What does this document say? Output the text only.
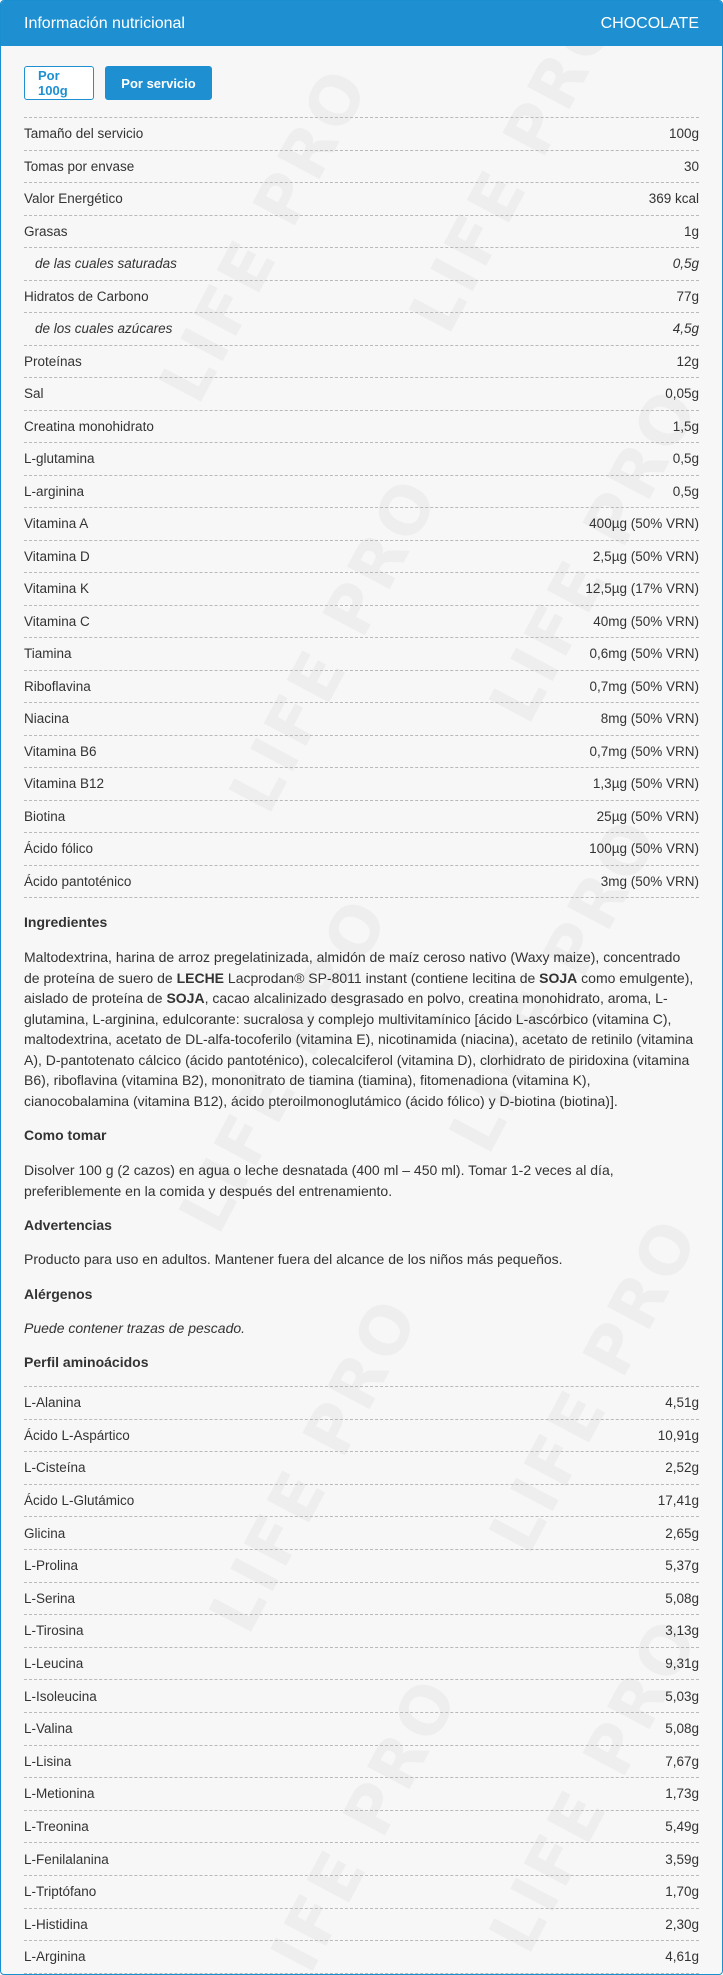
Información nutricional	CHOCOLATE
Por 100g	Por servicio
Tamaño del servicio	100g
Tomas por envase	30
Valor Energético	369 kcal
Grasas	1g
de las cuales saturadas	0,5g
Hidratos de Carbono	77g
de los cuales azúcares	4,5g
Proteínas	12g
Sal	0,05g
Creatina monohidrato	1,5g
L-glutamina	0,5g
L-arginina	0,5g
Vitamina A	400µg (50% VRN)
Vitamina D	2,5µg (50% VRN)
Vitamina K	12,5µg (17% VRN)
Vitamina C	40mg (50% VRN)
Tiamina	0,6mg (50% VRN)
Riboflavina	0,7mg (50% VRN)
Niacina	8mg (50% VRN)
Vitamina B6	0,7mg (50% VRN)
Vitamina B12	1,3µg (50% VRN)
Biotina	25µg (50% VRN)
Ácido fólico	100µg (50% VRN)
Ácido pantoténico	3mg (50% VRN)
Ingredientes

Maltodextrina, harina de arroz pregelatinizada, almidón de maíz ceroso nativo (Waxy maize), concentrado de proteína de suero de LECHE Lacprodan® SP-8011 instant (contiene lecitina de SOJA como emulgente), aislado de proteína de SOJA, cacao alcalinizado desgrasado en polvo, creatina monohidrato, aroma, L-glutamina, L-arginina, edulcorante: sucralosa y complejo multivitamínico [ácido L-ascórbico (vitamina C), maltodextrina, acetato de DL-alfa-tocoferilo (vitamina E), nicotinamida (niacina), acetato de retinilo (vitamina A), D-pantotenato cálcico (ácido pantoténico), colecalciferol (vitamina D), clorhidrato de piridoxina (vitamina B6), riboflavina (vitamina B2), mononitrato de tiamina (tiamina), fitomenadiona (vitamina K), cianocobalamina (vitamina B12), ácido pteroilmonoglutámico (ácido fólico) y D-biotina (biotina)].

Como tomar

Disolver 100 g (2 cazos) en agua o leche desnatada (400 ml – 450 ml). Tomar 1-2 veces al día, preferiblemente en la comida y después del entrenamiento.

Advertencias

Producto para uso en adultos. Mantener fuera del alcance de los niños más pequeños.

Alérgenos

Puede contener trazas de pescado.

Perfil aminoácidos
L-Alanina	4,51g
Ácido L-Aspártico	10,91g
L-Cisteína	2,52g
Ácido L-Glutámico	17,41g
Glicina	2,65g
L-Prolina	5,37g
L-Serina	5,08g
L-Tirosina	3,13g
L-Leucina	9,31g
L-Isoleucina	5,03g
L-Valina	5,08g
L-Lisina	7,67g
L-Metionina	1,73g
L-Treonina	5,49g
L-Fenilalanina	3,59g
L-Triptófano	1,70g
L-Histidina	2,30g
L-Arginina	4,61g
